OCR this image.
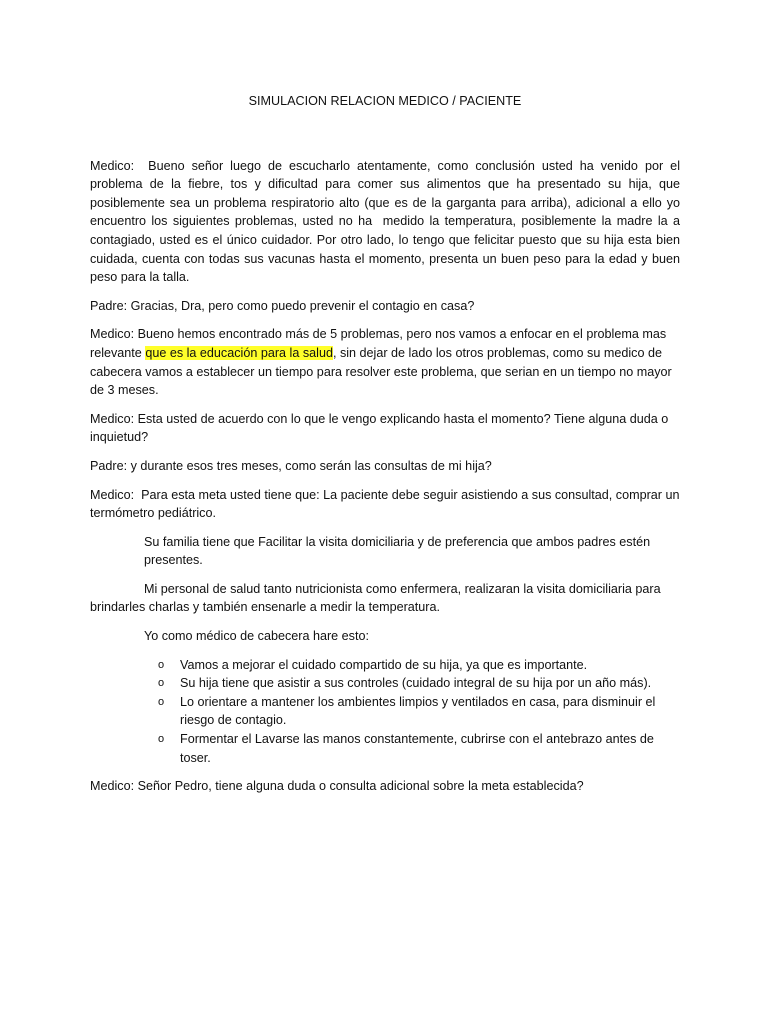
SIMULACION RELACION MEDICO / PACIENTE

Medico:  Bueno señor luego de escucharlo atentamente, como conclusión usted ha venido por el problema de la fiebre, tos y dificultad para comer sus alimentos que ha presentado su hija, que posiblemente sea un problema respiratorio alto (que es de la garganta para arriba), adicional a ello yo encuentro los siguientes problemas, usted no ha  medido la temperatura, posiblemente la madre la a contagiado, usted es el único cuidador. Por otro lado, lo tengo que felicitar puesto que su hija esta bien cuidada, cuenta con todas sus vacunas hasta el momento, presenta un buen peso para la edad y buen peso para la talla.

Padre: Gracias, Dra, pero como puedo prevenir el contagio en casa?

Medico: Bueno hemos encontrado más de 5 problemas, pero nos vamos a enfocar en el problema mas relevante que es la educación para la salud, sin dejar de lado los otros problemas, como su medico de cabecera vamos a establecer un tiempo para resolver este problema, que serian en un tiempo no mayor de 3 meses.

Medico: Esta usted de acuerdo con lo que le vengo explicando hasta el momento? Tiene alguna duda o inquietud?

Padre: y durante esos tres meses, como serán las consultas de mi hija?

Medico:  Para esta meta usted tiene que: La paciente debe seguir asistiendo a sus consultad, comprar un termómetro pediátrico.

Su familia tiene que Facilitar la visita domiciliaria y de preferencia que ambos padres estén presentes.

Mi personal de salud tanto nutricionista como enfermera, realizaran la visita domiciliaria para brindarles charlas y también ensenarle a medir la temperatura.

Yo como médico de cabecera hare esto:

o Vamos a mejorar el cuidado compartido de su hija, ya que es importante.
o Su hija tiene que asistir a sus controles (cuidado integral de su hija por un año más).
o Lo orientare a mantener los ambientes limpios y ventilados en casa, para disminuir el riesgo de contagio.
o Formentar el Lavarse las manos constantemente, cubrirse con el antebrazo antes de toser.

Medico: Señor Pedro, tiene alguna duda o consulta adicional sobre la meta establecida?
